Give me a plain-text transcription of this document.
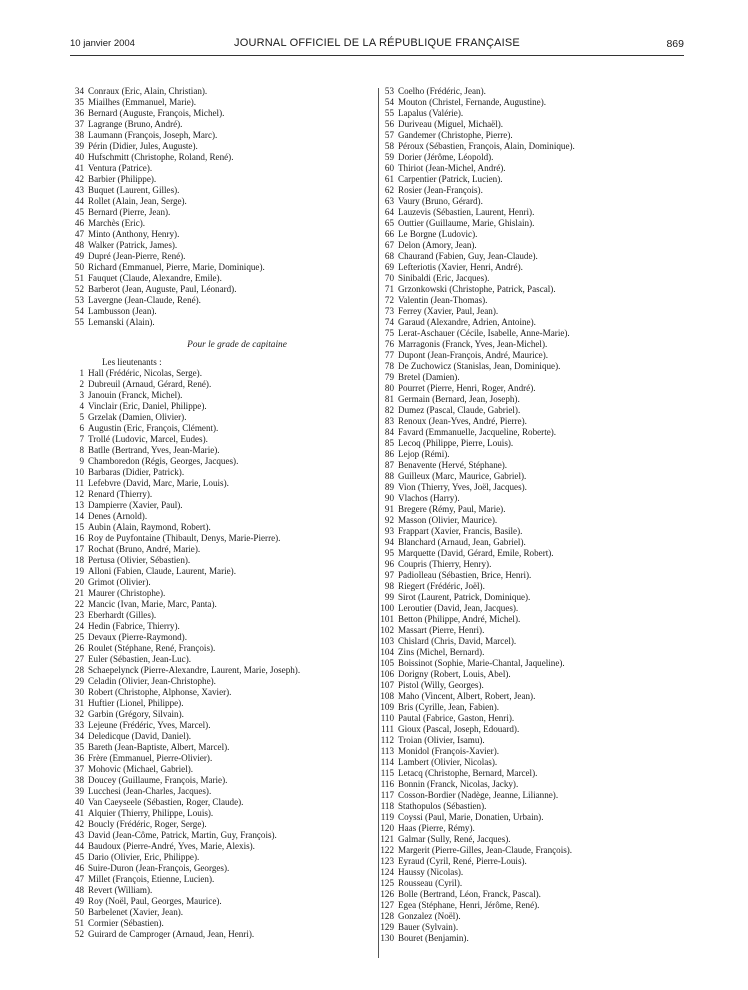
10 janvier 2004	JOURNAL OFFICIEL DE LA RÉPUBLIQUE FRANÇAISE	869
34 Conraux (Eric, Alain, Christian).
35 Miailhes (Emmanuel, Marie).
36 Bernard (Auguste, François, Michel).
37 Lagrange (Bruno, André).
38 Laumann (François, Joseph, Marc).
39 Périn (Didier, Jules, Auguste).
40 Hufschmitt (Christophe, Roland, René).
41 Ventura (Patrice).
42 Barbier (Philippe).
43 Buquet (Laurent, Gilles).
44 Rollet (Alain, Jean, Serge).
45 Bernard (Pierre, Jean).
46 Marchès (Eric).
47 Minto (Anthony, Henry).
48 Walker (Patrick, James).
49 Dupré (Jean-Pierre, René).
50 Richard (Emmanuel, Pierre, Marie, Dominique).
51 Fauquet (Claude, Alexandre, Emile).
52 Barberot (Jean, Auguste, Paul, Léonard).
53 Lavergne (Jean-Claude, René).
54 Lambusson (Jean).
55 Lemanski (Alain).
Pour le grade de capitaine
Les lieutenants :
1 Hall (Frédéric, Nicolas, Serge).
2 Dubreuil (Arnaud, Gérard, René).
3 Janouin (Franck, Michel).
4 Vinclair (Eric, Daniel, Philippe).
5 Grzelak (Damien, Olivier).
6 Augustin (Eric, François, Clément).
7 Trollé (Ludovic, Marcel, Eudes).
8 Batlle (Bertrand, Yves, Jean-Marie).
9 Chamboredon (Régis, Georges, Jacques).
10 Barbaras (Didier, Patrick).
11 Lefebvre (David, Marc, Marie, Louis).
12 Renard (Thierry).
13 Dampierre (Xavier, Paul).
14 Denes (Arnold).
15 Aubin (Alain, Raymond, Robert).
16 Roy de Puyfontaine (Thibault, Denys, Marie-Pierre).
17 Rochat (Bruno, André, Marie).
18 Pertusa (Olivier, Sébastien).
19 Alloni (Fabien, Claude, Laurent, Marie).
20 Grimot (Olivier).
21 Maurer (Christophe).
22 Mancic (Ivan, Marie, Marc, Panta).
23 Eberhardt (Gilles).
24 Hedin (Fabrice, Thierry).
25 Devaux (Pierre-Raymond).
26 Roulet (Stéphane, René, François).
27 Euler (Sébastien, Jean-Luc).
28 Schaepelynck (Pierre-Alexandre, Laurent, Marie, Joseph).
29 Celadin (Olivier, Jean-Christophe).
30 Robert (Christophe, Alphonse, Xavier).
31 Huftier (Lionel, Philippe).
32 Garbin (Grégory, Silvain).
33 Lejeune (Frédéric, Yves, Marcel).
34 Deledicque (David, Daniel).
35 Bareth (Jean-Baptiste, Albert, Marcel).
36 Frère (Emmanuel, Pierre-Olivier).
37 Mohovic (Michael, Gabriel).
38 Doucey (Guillaume, François, Marie).
39 Lucchesi (Jean-Charles, Jacques).
40 Van Caeyseele (Sébastien, Roger, Claude).
41 Alquier (Thierry, Philippe, Louis).
42 Boucly (Frédéric, Roger, Serge).
43 David (Jean-Côme, Patrick, Martin, Guy, François).
44 Baudoux (Pierre-André, Yves, Marie, Alexis).
45 Dario (Olivier, Eric, Philippe).
46 Suire-Duron (Jean-François, Georges).
47 Millet (François, Etienne, Lucien).
48 Revert (William).
49 Roy (Noël, Paul, Georges, Maurice).
50 Barbelenet (Xavier, Jean).
51 Cormier (Sébastien).
52 Guirard de Camproger (Arnaud, Jean, Henri).
53 Coelho (Frédéric, Jean).
54 Mouton (Christel, Fernande, Augustine).
55 Lapalus (Valérie).
56 Duriveau (Miguel, Michaël).
57 Gandemer (Christophe, Pierre).
58 Péroux (Sébastien, François, Alain, Dominique).
59 Dorier (Jérôme, Léopold).
60 Thiriot (Jean-Michel, André).
61 Carpentier (Patrick, Lucien).
62 Rosier (Jean-François).
63 Vaury (Bruno, Gérard).
64 Lauzevis (Sébastien, Laurent, Henri).
65 Outtier (Guillaume, Marie, Ghislain).
66 Le Borgne (Ludovic).
67 Delon (Amory, Jean).
68 Chaurand (Fabien, Guy, Jean-Claude).
69 Lefteriotis (Xavier, Henri, André).
70 Sinibaldi (Eric, Jacques).
71 Grzonkowski (Christophe, Patrick, Pascal).
72 Valentin (Jean-Thomas).
73 Ferrey (Xavier, Paul, Jean).
74 Garaud (Alexandre, Adrien, Antoine).
75 Lerat-Aschauer (Cécile, Isabelle, Anne-Marie).
76 Marragonis (Franck, Yves, Jean-Michel).
77 Dupont (Jean-François, André, Maurice).
78 De Zuchowicz (Stanislas, Jean, Dominique).
79 Bretel (Damien).
80 Pourret (Pierre, Henri, Roger, André).
81 Germain (Bernard, Jean, Joseph).
82 Dumez (Pascal, Claude, Gabriel).
83 Renoux (Jean-Yves, André, Pierre).
84 Favard (Emmanuelle, Jacqueline, Roberte).
85 Lecoq (Philippe, Pierre, Louis).
86 Lejop (Rémi).
87 Benavente (Hervé, Stéphane).
88 Guilleux (Marc, Maurice, Gabriel).
89 Vion (Thierry, Yves, Joël, Jacques).
90 Vlachos (Harry).
91 Bregere (Rémy, Paul, Marie).
92 Masson (Olivier, Maurice).
93 Frappart (Xavier, Francis, Basile).
94 Blanchard (Arnaud, Jean, Gabriel).
95 Marquette (David, Gérard, Emile, Robert).
96 Coupris (Thierry, Henry).
97 Padiolleau (Sébastien, Brice, Henri).
98 Riegert (Frédéric, Joël).
99 Sirot (Laurent, Patrick, Dominique).
100 Leroutier (David, Jean, Jacques).
101 Betton (Philippe, André, Michel).
102 Massart (Pierre, Henri).
103 Chislard (Chris, David, Marcel).
104 Zins (Michel, Bernard).
105 Boissinot (Sophie, Marie-Chantal, Jaqueline).
106 Dorigny (Robert, Louis, Abel).
107 Pistol (Willy, Georges).
108 Maho (Vincent, Albert, Robert, Jean).
109 Bris (Cyrille, Jean, Fabien).
110 Pautal (Fabrice, Gaston, Henri).
111 Gioux (Pascal, Joseph, Edouard).
112 Troian (Olivier, Isamu).
113 Monidol (François-Xavier).
114 Lambert (Olivier, Nicolas).
115 Letacq (Christophe, Bernard, Marcel).
116 Bonnin (Franck, Nicolas, Jacky).
117 Cosson-Bordier (Nadège, Jeanne, Lilianne).
118 Stathopulos (Sébastien).
119 Coyssi (Paul, Marie, Donatien, Urbain).
120 Haas (Pierre, Rémy).
121 Galmar (Sully, René, Jacques).
122 Margerit (Pierre-Gilles, Jean-Claude, François).
123 Eyraud (Cyril, René, Pierre-Louis).
124 Haussy (Nicolas).
125 Rousseau (Cyril).
126 Bolle (Bertrand, Léon, Franck, Pascal).
127 Egea (Stéphane, Henri, Jérôme, René).
128 Gonzalez (Noël).
129 Bauer (Sylvain).
130 Bouret (Benjamin).
